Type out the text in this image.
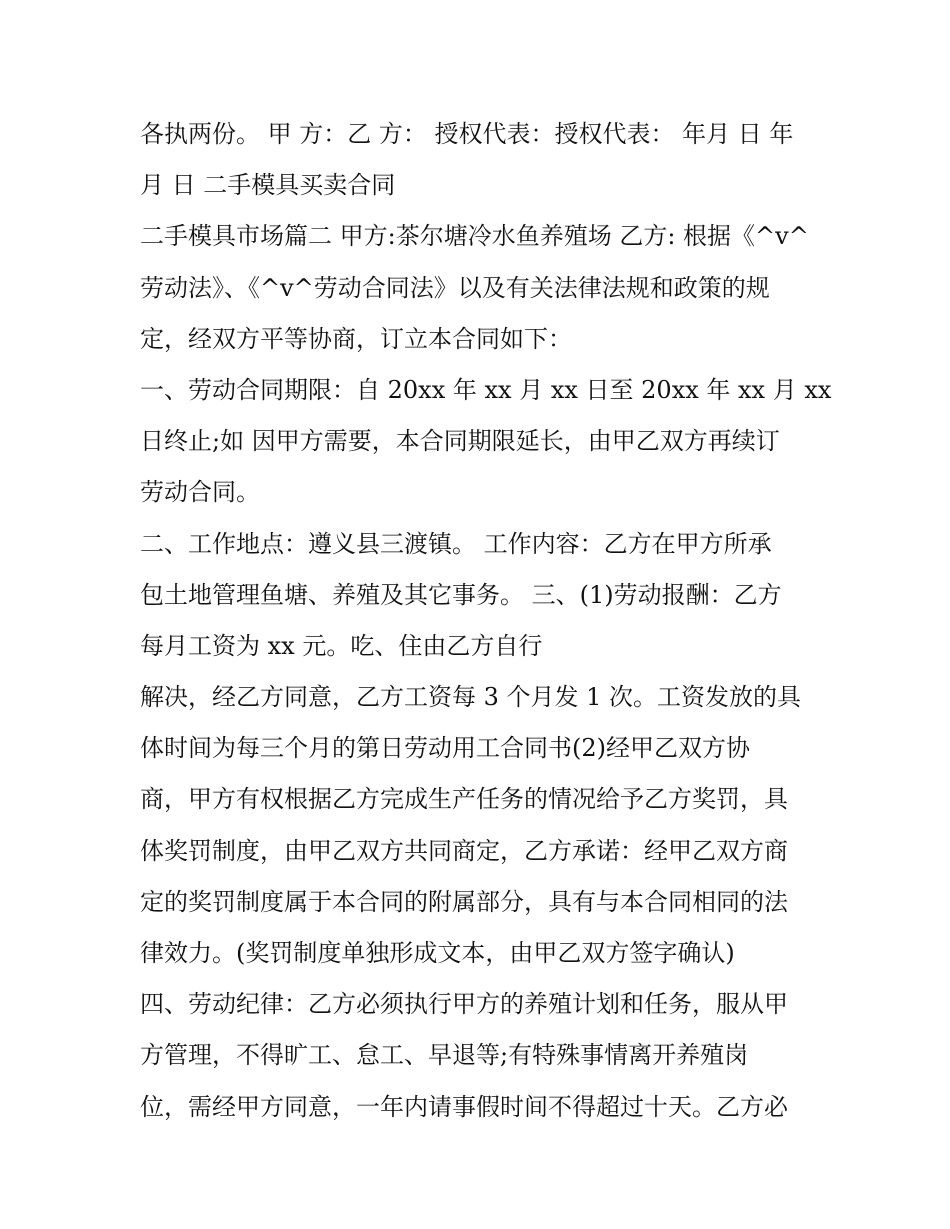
各执两份。 甲 方：乙 方： 授权代表：授权代表： 年月 日 年
月 日 二手模具买卖合同
二手模具市场篇二 甲方:茶尔塘冷水鱼养殖场 乙方: 根据《^v^
劳动法》、《^v^劳动合同法》以及有关法律法规和政策的规
定，经双方平等协商，订立本合同如下：
一、劳动合同期限：自 20xx 年 xx 月 xx 日至 20xx 年 xx 月 xx
日终止;如 因甲方需要，本合同期限延长，由甲乙双方再续订
劳动合同。
二、工作地点：遵义县三渡镇。 工作内容：乙方在甲方所承
包土地管理鱼塘、养殖及其它事务。 三、(1)劳动报酬：乙方
每月工资为 xx 元。吃、住由乙方自行
解决，经乙方同意，乙方工资每 3 个月发 1 次。工资发放的具
体时间为每三个月的第日劳动用工合同书(2)经甲乙双方协
商，甲方有权根据乙方完成生产任务的情况给予乙方奖罚，具
体奖罚制度，由甲乙双方共同商定，乙方承诺：经甲乙双方商
定的奖罚制度属于本合同的附属部分，具有与本合同相同的法
律效力。(奖罚制度单独形成文本，由甲乙双方签字确认)
四、劳动纪律：乙方必须执行甲方的养殖计划和任务，服从甲
方管理，不得旷工、怠工、早退等;有特殊事情离开养殖岗
位，需经甲方同意，一年内请事假时间不得超过十天。乙方必
